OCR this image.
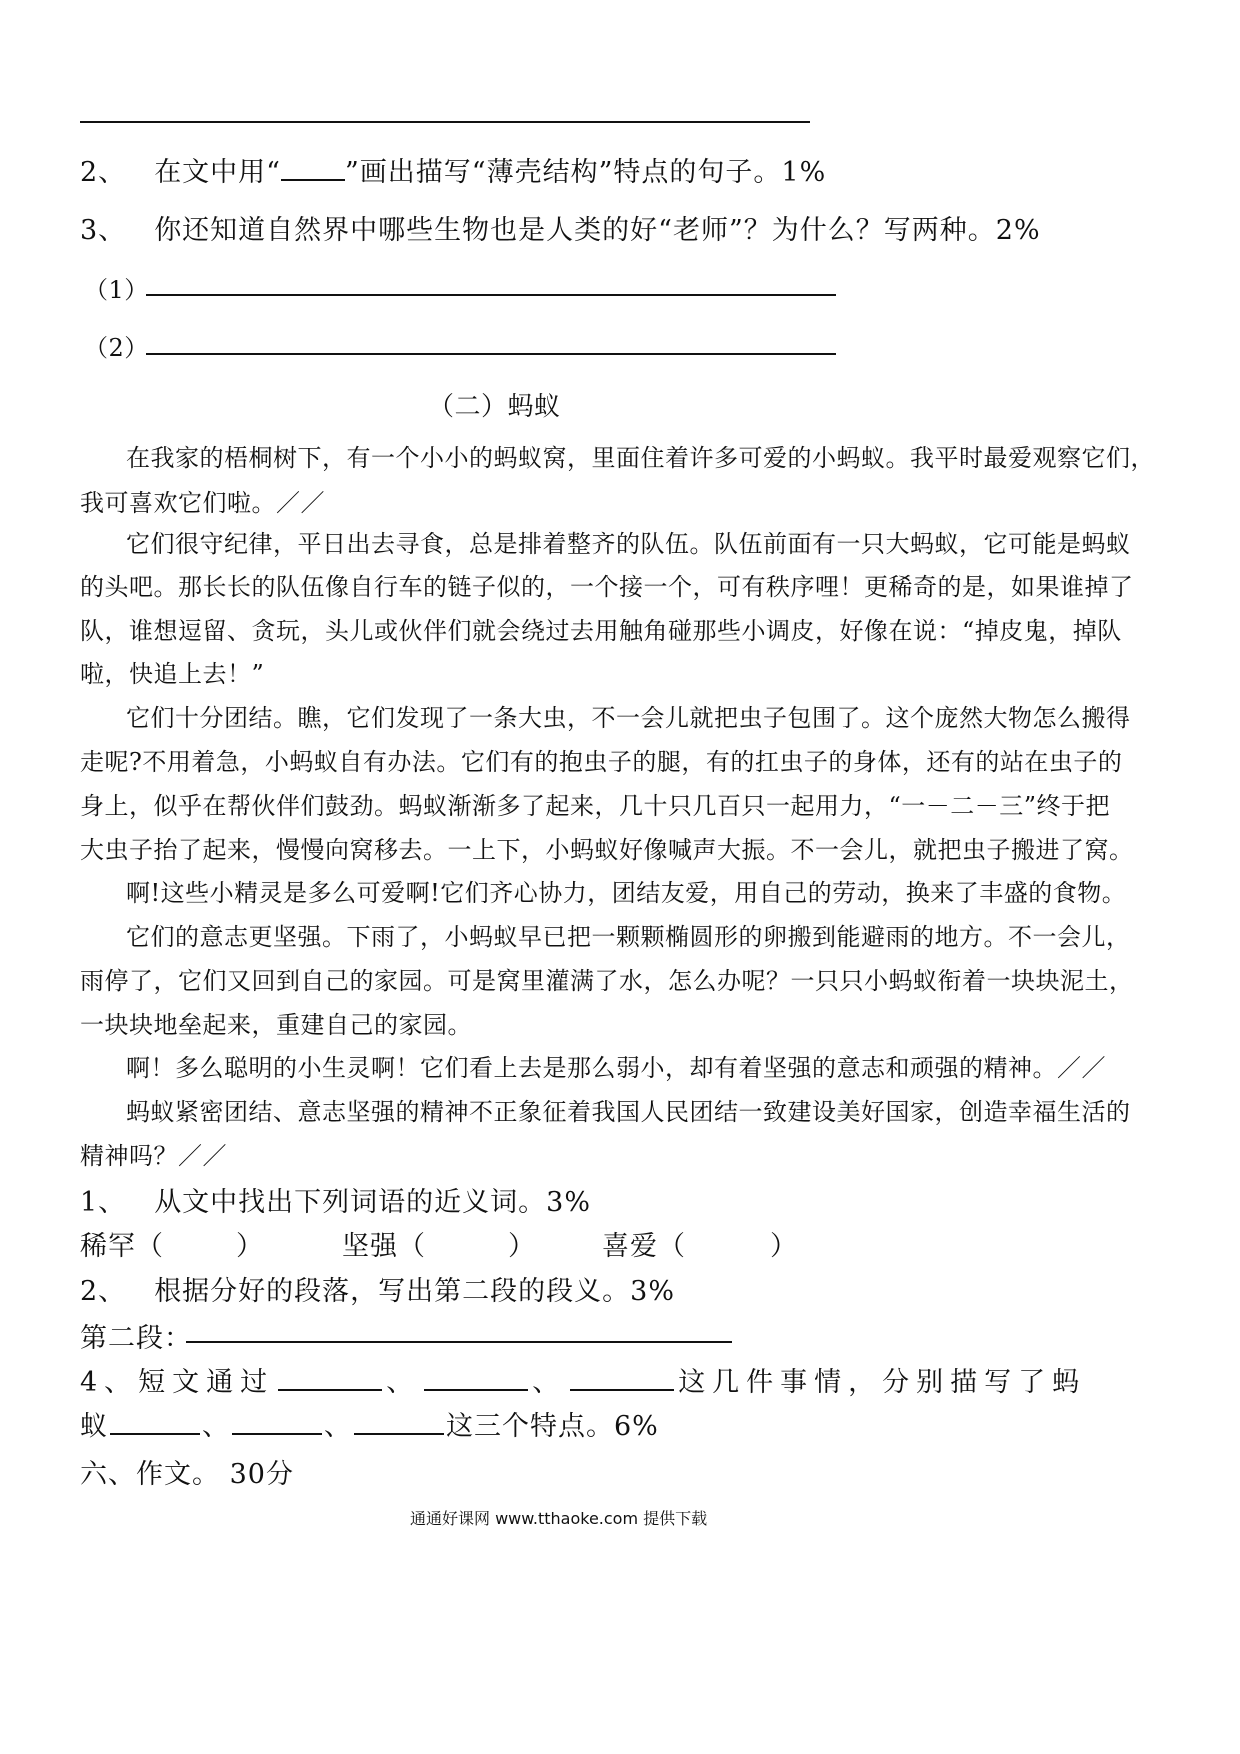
2、 在文中用“ ”画出描写“薄壳结构”特点的句子。1%
3、 你还知道自然界中哪些生物也是人类的好“老师”？为什么？写两种。2%
（1）
（2）
（二）蚂蚁
在我家的梧桐树下，有一个小小的蚂蚁窝，里面住着许多可爱的小蚂蚁。我平时最爱观察它们，
我可喜欢它们啦。／／
它们很守纪律，平日出去寻食，总是排着整齐的队伍。队伍前面有一只大蚂蚁，它可能是蚂蚁
的头吧。那长长的队伍像自行车的链子似的，一个接一个，可有秩序哩！更稀奇的是，如果谁掉了
队，谁想逗留、贪玩，头儿或伙伴们就会绕过去用触角碰那些小调皮，好像在说：“掉皮鬼，掉队
啦，快追上去！”
它们十分团结。瞧，它们发现了一条大虫，不一会儿就把虫子包围了。这个庞然大物怎么搬得
走呢?不用着急，小蚂蚁自有办法。它们有的抱虫子的腿，有的扛虫子的身体，还有的站在虫子的
身上，似乎在帮伙伴们鼓劲。蚂蚁渐渐多了起来，几十只几百只一起用力，“一－二－三”终于把
大虫子抬了起来，慢慢向窝移去。一上下，小蚂蚁好像喊声大振。不一会儿，就把虫子搬进了窝。
啊!这些小精灵是多么可爱啊!它们齐心协力，团结友爱，用自己的劳动，换来了丰盛的食物。
它们的意志更坚强。下雨了，小蚂蚁早已把一颗颗椭圆形的卵搬到能避雨的地方。不一会儿，
雨停了，它们又回到自己的家园。可是窝里灌满了水，怎么办呢？一只只小蚂蚁衔着一块块泥土，
一块块地垒起来，重建自己的家园。
啊！多么聪明的小生灵啊！它们看上去是那么弱小，却有着坚强的意志和顽强的精神。／／
蚂蚁紧密团结、意志坚强的精神不正象征着我国人民团结一致建设美好国家，创造幸福生活的
精神吗？／／
1、 从文中找出下列词语的近义词。3%
稀罕（	）	坚强（	） 喜爱（	）
2、 根据分好的段落，写出第二段的段义。3%
第二段：
4、短文通过	、	、	这几件事情，分别描写了蚂
蚁	、	、	这三个特点。6%
六、作文。 30分
通通好课网 www.tthaoke.com 提供下载
